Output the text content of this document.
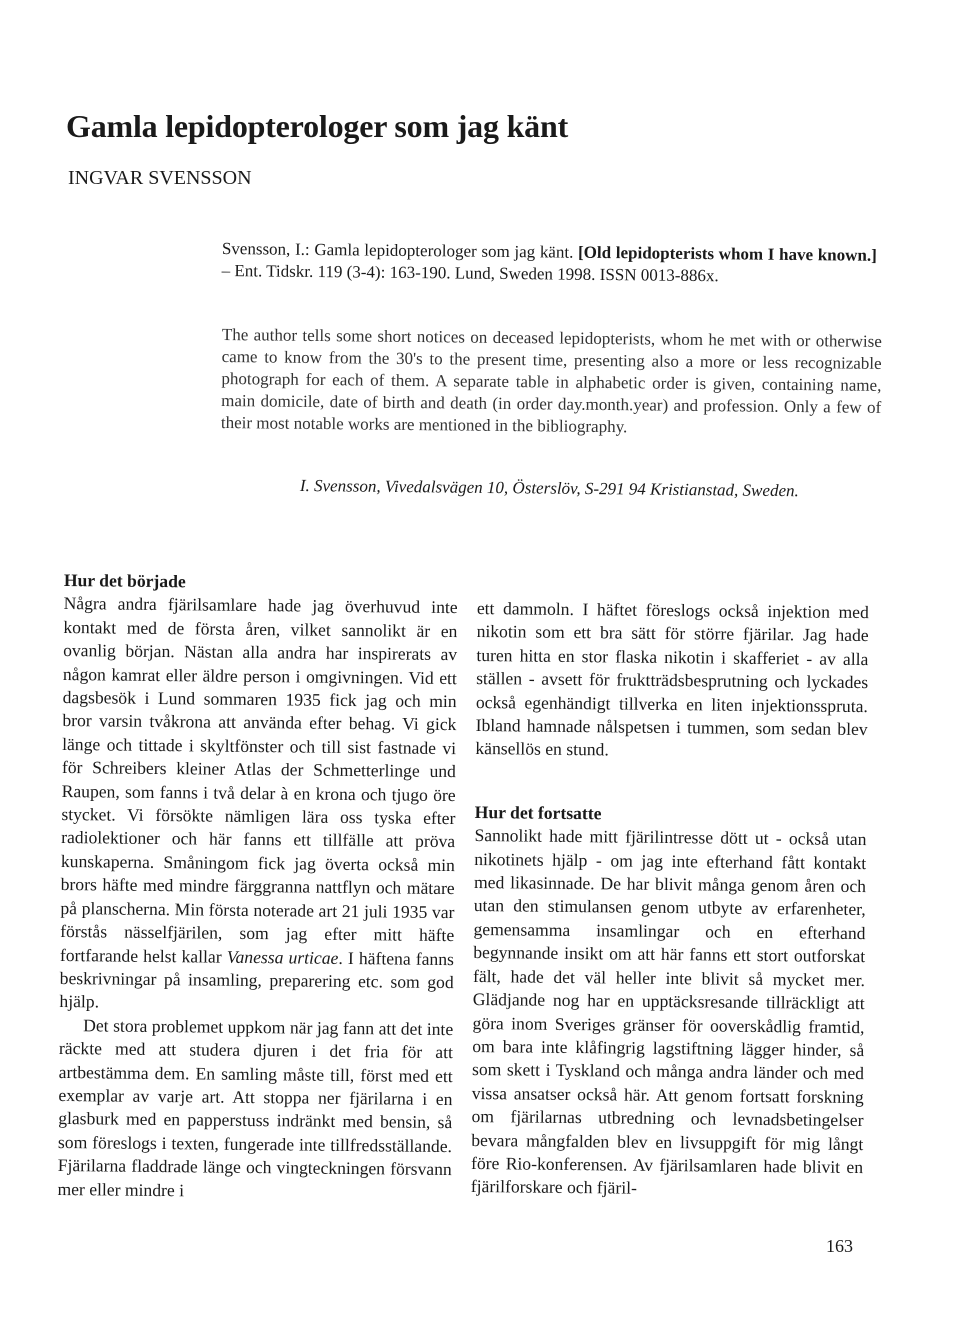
Gamla lepidopterologer som jag känt
INGVAR SVENSSON
Svensson, I.: Gamla lepidopterologer som jag känt. [Old lepidopterists whom I have known.] – Ent. Tidskr. 119 (3-4): 163-190. Lund, Sweden 1998. ISSN 0013-886x.
The author tells some short notices on deceased lepidopterists, whom he met with or otherwise came to know from the 30's to the present time, presenting also a more or less recognizable photograph for each of them. A separate table in alphabetic order is given, containing name, main domicile, date of birth and death (in order day.month.year) and profession. Only a few of their most notable works are mentioned in the bibliography.
I. Svensson, Vivedalsvägen 10, Österslöv, S-291 94 Kristianstad, Sweden.
Hur det började

Några andra fjärilsamlare hade jag överhuvud inte kontakt med de första åren, vilket sannolikt är en ovanlig början. Nästan alla andra har inspirerats av någon kamrat eller äldre person i omgivningen. Vid ett dagsbesök i Lund sommaren 1935 fick jag och min bror varsin tvåkrona att använda efter behag. Vi gick länge och tittade i skyltfönster och till sist fastnade vi för Schreibers kleiner Atlas der Schmetterlinge und Raupen, som fanns i två delar à en krona och tjugo öre stycket. Vi försökte nämligen lära oss tyska efter radiolektioner och här fanns ett tillfälle att pröva kunskaperna. Småningom fick jag överta också min brors häfte med mindre färggranna nattflyn och mätare på planscherna. Min första noterade art 21 juli 1935 var förstås nässelfjärilen, som jag efter mitt häfte fortfarande helst kallar Vanessa urticae. I häftena fanns beskrivningar på insamling, preparering etc. som god hjälp.

Det stora problemet uppkom när jag fann att det inte räckte med att studera djuren i det fria för att artbestämma dem. En samling måste till, först med ett exemplar av varje art. Att stoppa ner fjärilarna i en glasburk med en papperstuss indränkt med bensin, så som föreslogs i texten, fungerade inte tillfredsställande. Fjärilarna fladdrade länge och vingteckningen försvann mer eller mindre i

ett dammoln. I häftet föreslogs också injektion med nikotin som ett bra sätt för större fjärilar. Jag hade turen hitta en stor flaska nikotin i skafferiet - av alla ställen - avsett för fruktträdsbesprutning och lyckades också egenhändigt tillverka en liten injektionsspruta. Ibland hamnade nålspetsen i tummen, som sedan blev känsellös en stund.

Hur det fortsatte

Sannolikt hade mitt fjärilintresse dött ut - också utan nikotinets hjälp - om jag inte efterhand fått kontakt med likasinnade. De har blivit många genom åren och utan den stimulansen genom utbyte av erfarenheter, gemensamma insamlingar och en efterhand begynnande insikt om att här fanns ett stort outforskat fält, hade det väl heller inte blivit så mycket mer. Glädjande nog har en upptäcksresande tillräckligt att göra inom Sveriges gränser för ooverskådlig framtid, om bara inte klåfingrig lagstiftning lägger hinder, så som skett i Tyskland och många andra länder och med vissa ansatser också här. Att genom fortsatt forskning om fjärilarnas utbredning och levnadsbetingelser bevara mångfalden blev en livsuppgift för mig långt före Rio-konferensen. Av fjärilsamlaren hade blivit en fjärilforskare och fjäril-

163
